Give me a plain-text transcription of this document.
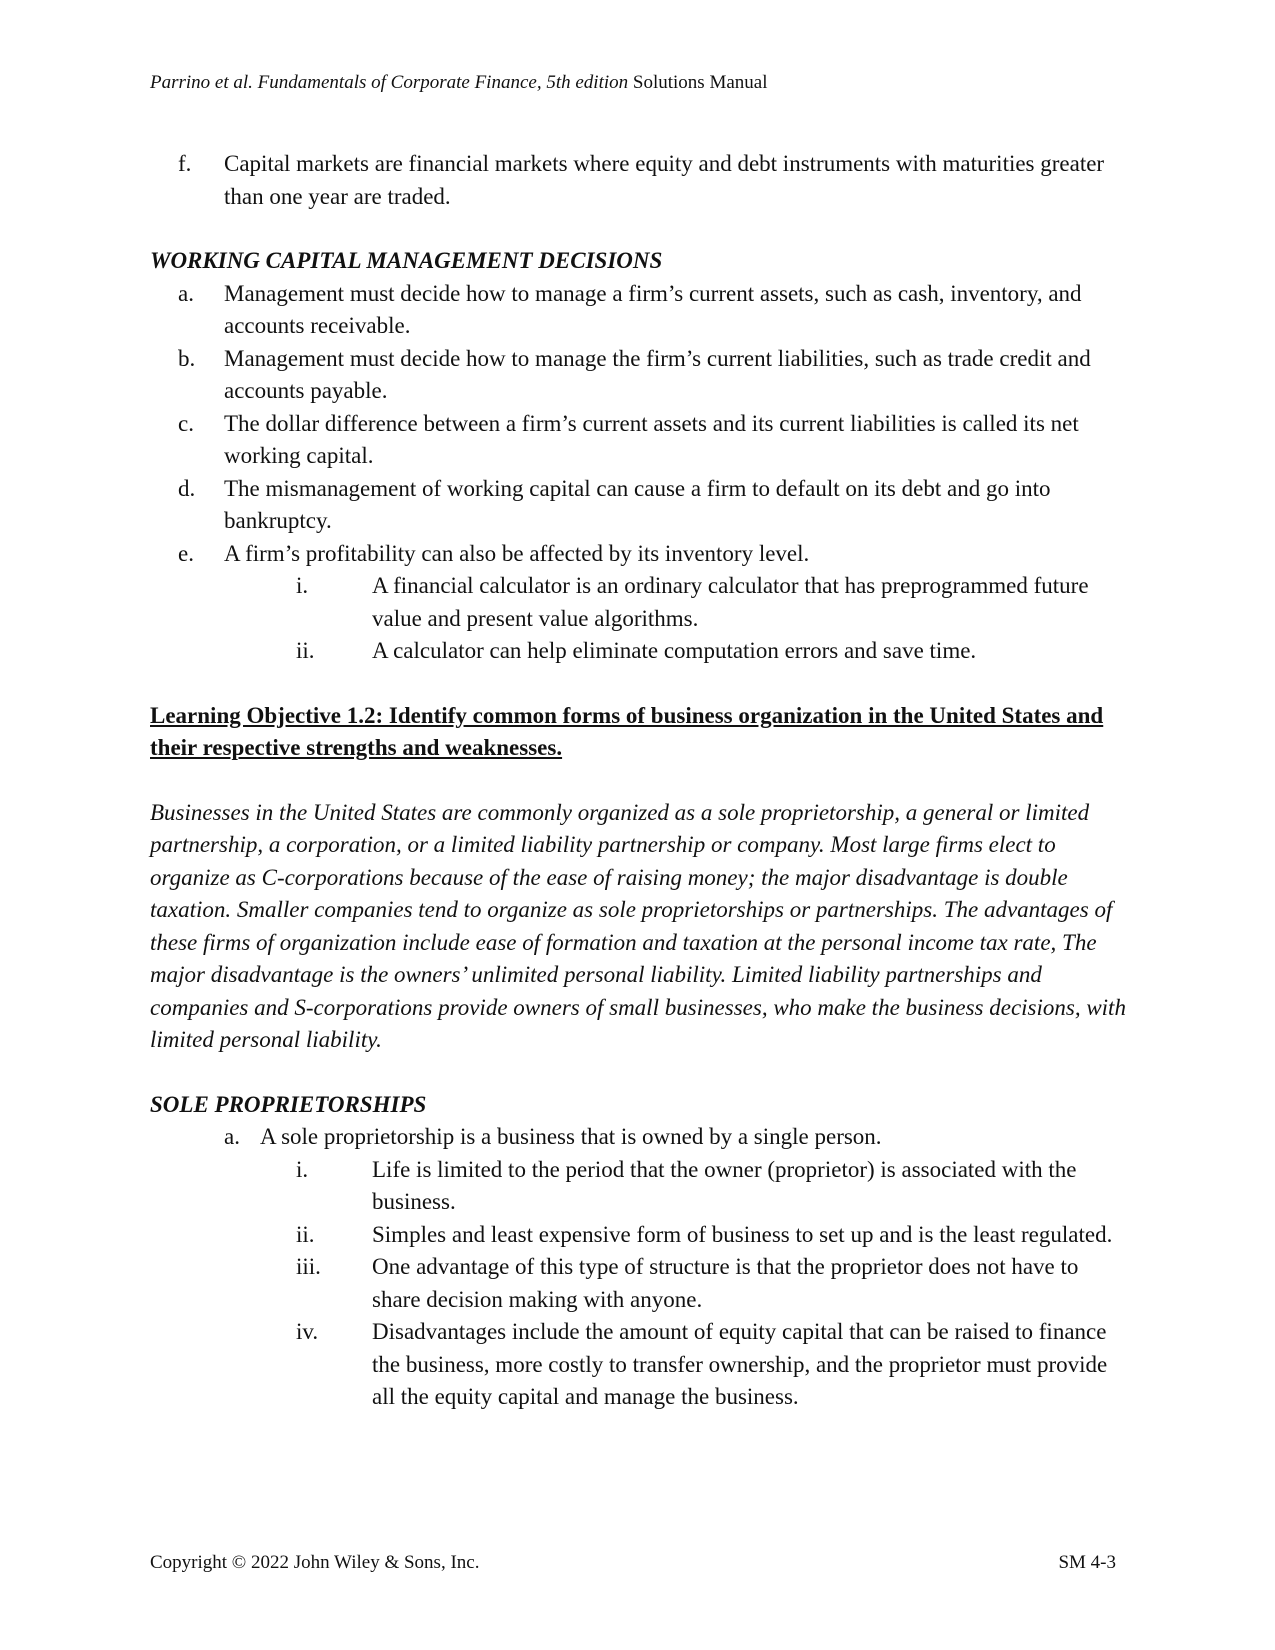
Parrino et al. Fundamentals of Corporate Finance, 5th edition Solutions Manual
f. Capital markets are financial markets where equity and debt instruments with maturities greater than one year are traded.
WORKING CAPITAL MANAGEMENT DECISIONS
a. Management must decide how to manage a firm’s current assets, such as cash, inventory, and accounts receivable.
b. Management must decide how to manage the firm’s current liabilities, such as trade credit and accounts payable.
c. The dollar difference between a firm’s current assets and its current liabilities is called its net working capital.
d. The mismanagement of working capital can cause a firm to default on its debt and go into bankruptcy.
e. A firm’s profitability can also be affected by its inventory level.
i.	A financial calculator is an ordinary calculator that has preprogrammed future value and present value algorithms.
ii. A calculator can help eliminate computation errors and save time.
Learning Objective 1.2: Identify common forms of business organization in the United States and their respective strengths and weaknesses.
Businesses in the United States are commonly organized as a sole proprietorship, a general or limited partnership, a corporation, or a limited liability partnership or company. Most large firms elect to organize as C-corporations because of the ease of raising money; the major disadvantage is double taxation. Smaller companies tend to organize as sole proprietorships or partnerships. The advantages of these firms of organization include ease of formation and taxation at the personal income tax rate, The major disadvantage is the owners’ unlimited personal liability. Limited liability partnerships and companies and S-corporations provide owners of small businesses, who make the business decisions, with limited personal liability.
SOLE PROPRIETORSHIPS
a. A sole proprietorship is a business that is owned by a single person.
i.	Life is limited to the period that the owner (proprietor) is associated with the business.
ii. Simples and least expensive form of business to set up and is the least regulated.
iii. One advantage of this type of structure is that the proprietor does not have to share decision making with anyone.
iv. Disadvantages include the amount of equity capital that can be raised to finance the business, more costly to transfer ownership, and the proprietor must provide all the equity capital and manage the business.
Copyright © 2022 John Wiley & Sons, Inc.	SM 4-3
